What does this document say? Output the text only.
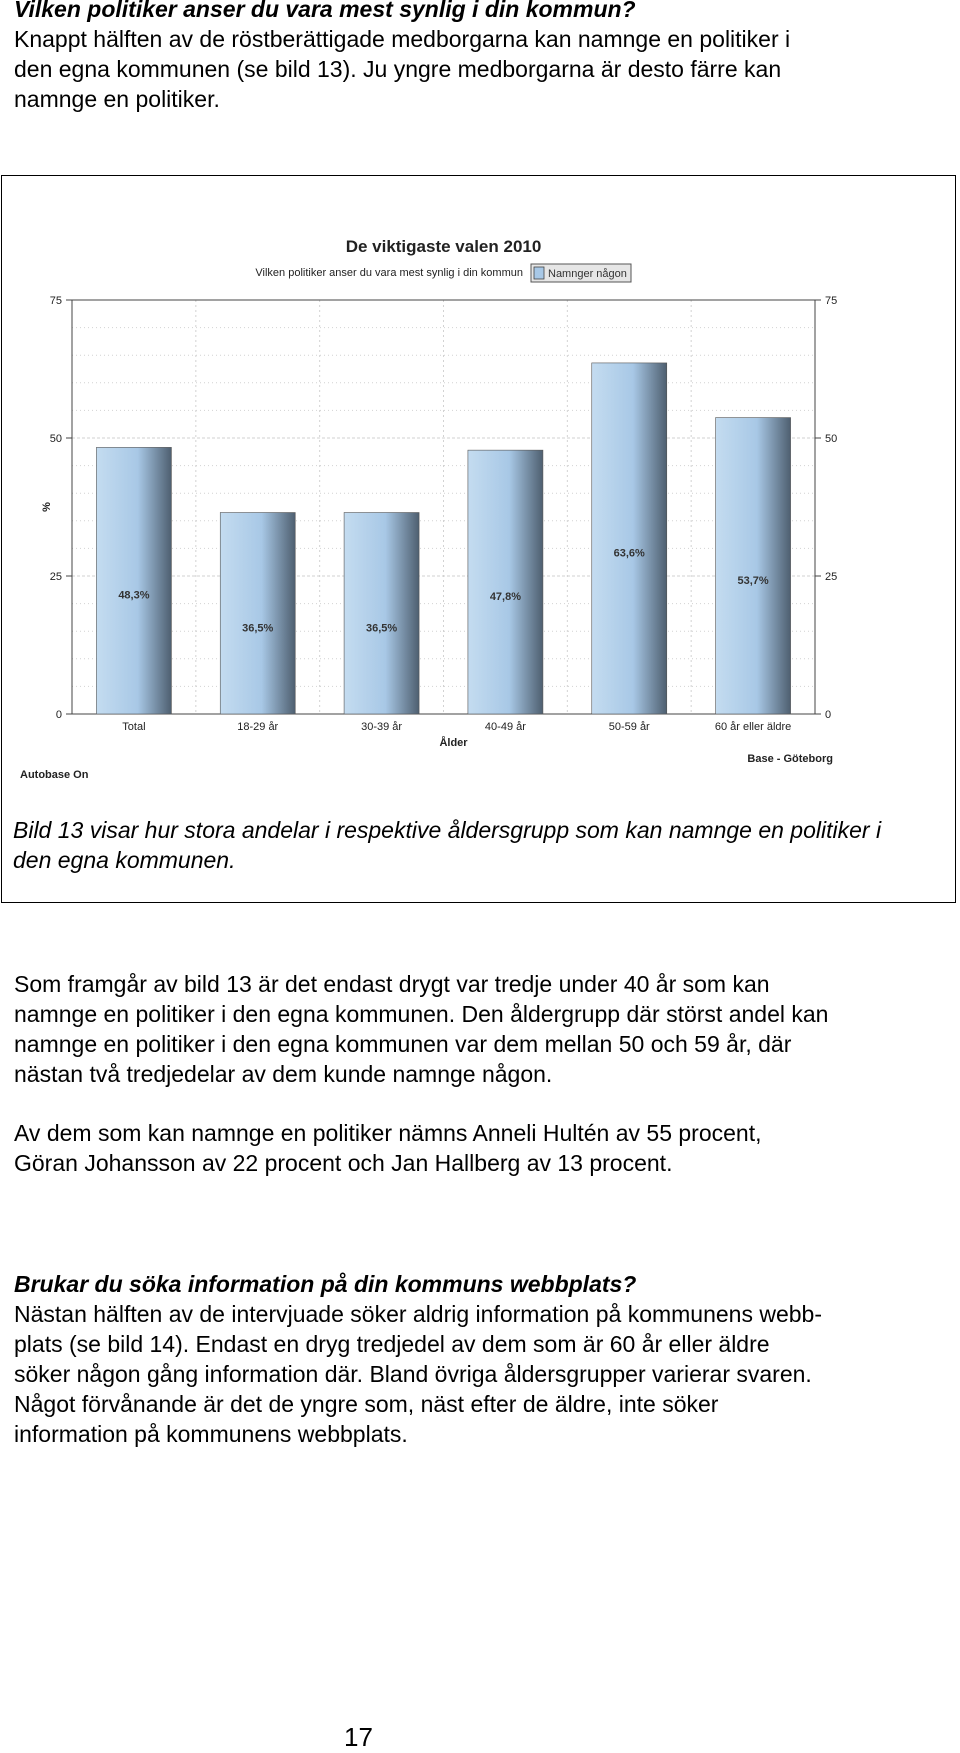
Vilken politiker anser du vara mest synlig i din kommun?
Knappt hälften av de röstberättigade medborgarna kan namnge en politiker i
den egna kommunen (se bild 13). Ju yngre medborgarna är desto färre kan
namnge en politiker.
0	0
25	25
50	50
75	75
%
48,3%
Total
36,5%
18-29 år
36,5%
30-39 år
47,8%
40-49 år
63,6%
50-59 år
53,7%
60 år eller äldre
Ålder
De viktigaste valen 2010
Vilken politiker anser du vara mest synlig i din kommun Namnger någon
Autobase On
Base - Göteborg
Bild 13 visar hur stora andelar i respektive åldersgrupp som kan namnge en politiker i
den egna kommunen.
Som framgår av bild 13 är det endast drygt var tredje under 40 år som kan
namnge en politiker i den egna kommunen. Den åldergrupp där störst andel kan
namnge en politiker i den egna kommunen var dem mellan 50 och 59 år, där
nästan två tredjedelar av dem kunde namnge någon.
Av dem som kan namnge en politiker nämns Anneli Hultén av 55 procent,
Göran Johansson av 22 procent och Jan Hallberg av 13 procent.
Brukar du söka information på din kommuns webbplats?
Nästan hälften av de intervjuade söker aldrig information på kommunens webb-
plats (se bild 14). Endast en dryg tredjedel av dem som är 60 år eller äldre
söker någon gång information där. Bland övriga åldersgrupper varierar svaren.
Något förvånande är det de yngre som, näst efter de äldre, inte söker
information på kommunens webbplats.
17
